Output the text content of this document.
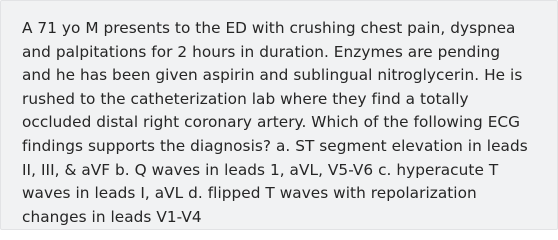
A 71 yo M presents to the ED with crushing chest pain, dyspnea
and palpitations for 2 hours in duration. Enzymes are pending
and he has been given aspirin and sublingual nitroglycerin. He is
rushed to the catheterization lab where they find a totally
occluded distal right coronary artery. Which of the following ECG
findings supports the diagnosis? a. ST segment elevation in leads
II, III, & aVF b. Q waves in leads 1, aVL, V5-V6 c. hyperacute T
waves in leads I, aVL d. flipped T waves with repolarization
changes in leads V1-V4
